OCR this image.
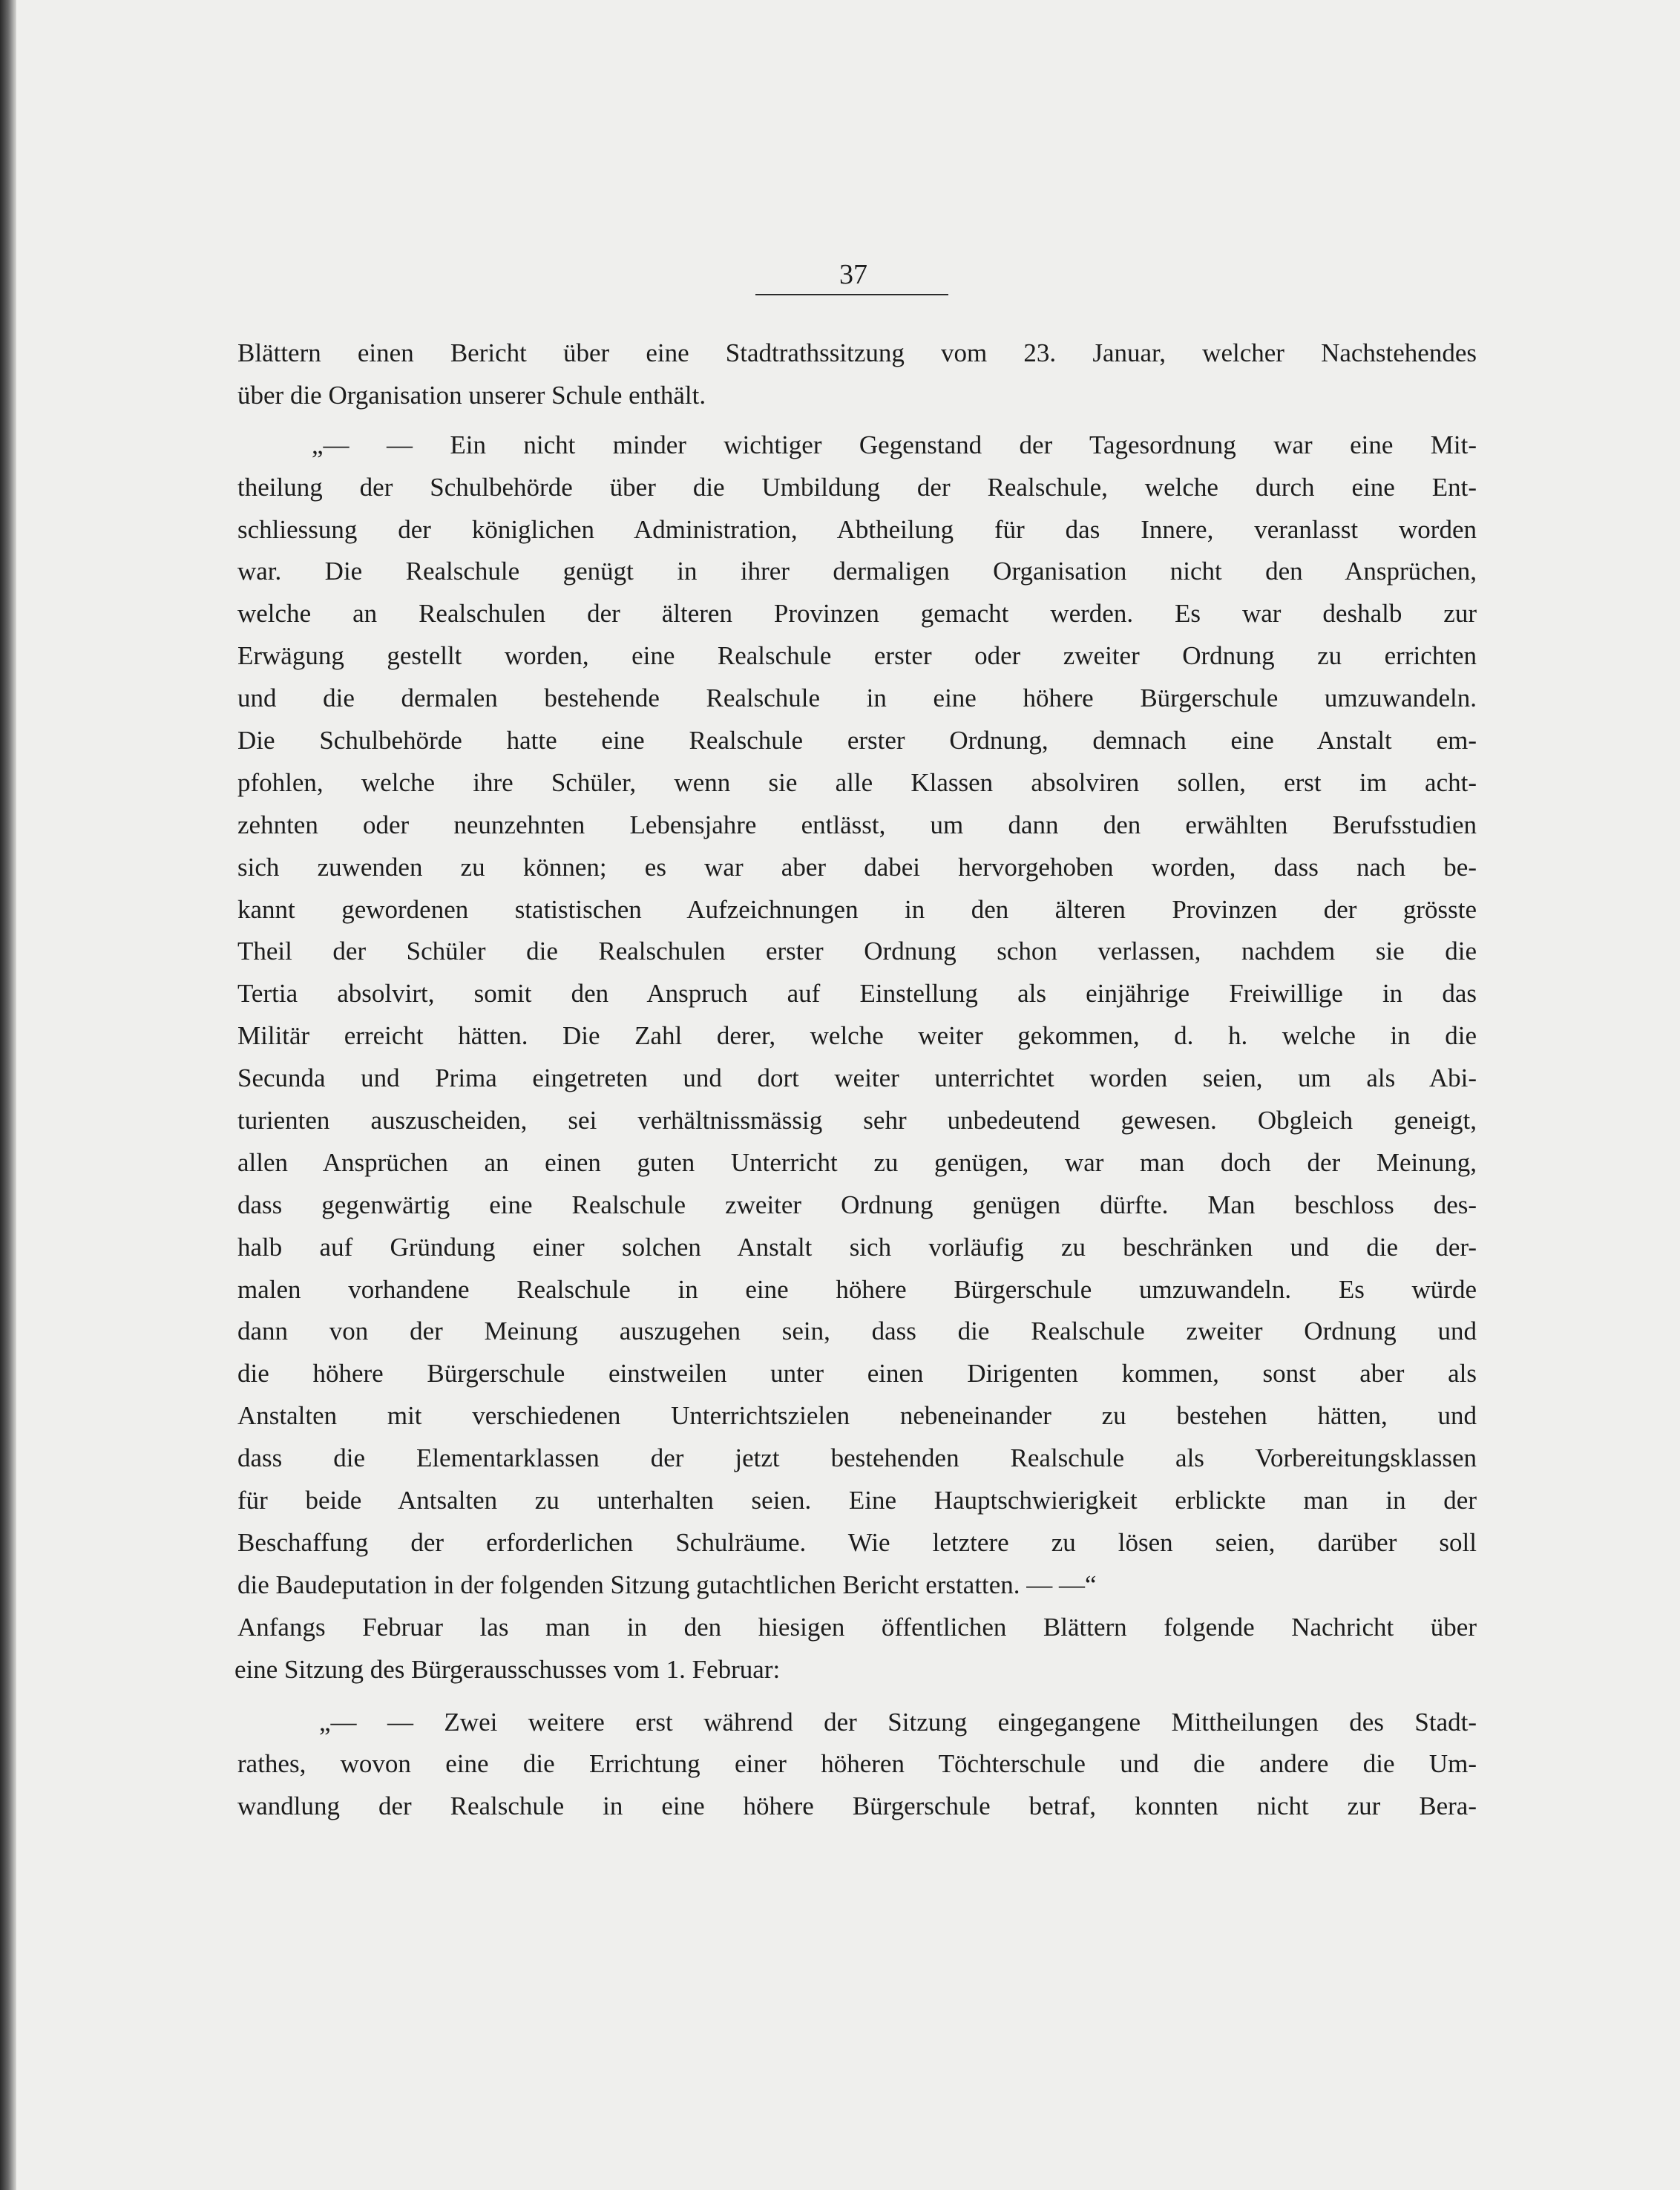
37
Blättern einen Bericht über eine Stadtrathssitzung vom 23. Januar, welcher Nachstehendes
über die Organisation unserer Schule enthält.
„— — Ein nicht minder wichtiger Gegenstand der Tagesordnung war eine Mit-
theilung der Schulbehörde über die Umbildung der Realschule, welche durch eine Ent-
schliessung der königlichen Administration, Abtheilung für das Innere, veranlasst worden
war. Die Realschule genügt in ihrer dermaligen Organisation nicht den Ansprüchen,
welche an Realschulen der älteren Provinzen gemacht werden. Es war deshalb zur
Erwägung gestellt worden, eine Realschule erster oder zweiter Ordnung zu errichten
und die dermalen bestehende Realschule in eine höhere Bürgerschule umzuwandeln.
Die Schulbehörde hatte eine Realschule erster Ordnung, demnach eine Anstalt em-
pfohlen, welche ihre Schüler, wenn sie alle Klassen absolviren sollen, erst im acht-
zehnten oder neunzehnten Lebensjahre entlässt, um dann den erwählten Berufsstudien
sich zuwenden zu können; es war aber dabei hervorgehoben worden, dass nach be-
kannt gewordenen statistischen Aufzeichnungen in den älteren Provinzen der grösste
Theil der Schüler die Realschulen erster Ordnung schon verlassen, nachdem sie die
Tertia absolvirt, somit den Anspruch auf Einstellung als einjährige Freiwillige in das
Militär erreicht hätten. Die Zahl derer, welche weiter gekommen, d. h. welche in die
Secunda und Prima eingetreten und dort weiter unterrichtet worden seien, um als Abi-
turienten auszuscheiden, sei verhältnissmässig sehr unbedeutend gewesen. Obgleich geneigt,
allen Ansprüchen an einen guten Unterricht zu genügen, war man doch der Meinung,
dass gegenwärtig eine Realschule zweiter Ordnung genügen dürfte. Man beschloss des-
halb auf Gründung einer solchen Anstalt sich vorläufig zu beschränken und die der-
malen vorhandene Realschule in eine höhere Bürgerschule umzuwandeln. Es würde
dann von der Meinung auszugehen sein, dass die Realschule zweiter Ordnung und
die höhere Bürgerschule einstweilen unter einen Dirigenten kommen, sonst aber als
Anstalten mit verschiedenen Unterrichtszielen nebeneinander zu bestehen hätten, und
dass die Elementarklassen der jetzt bestehenden Realschule als Vorbereitungsklassen
für beide Antsalten zu unterhalten seien. Eine Hauptschwierigkeit erblickte man in der
Beschaffung der erforderlichen Schulräume. Wie letztere zu lösen seien, darüber soll
die Baudeputation in der folgenden Sitzung gutachtlichen Bericht erstatten. — —“
Anfangs Februar las man in den hiesigen öffentlichen Blättern folgende Nachricht über
eine Sitzung des Bürgerausschusses vom 1. Februar:
„— — Zwei weitere erst während der Sitzung eingegangene Mittheilungen des Stadt-
rathes, wovon eine die Errichtung einer höheren Töchterschule und die andere die Um-
wandlung der Realschule in eine höhere Bürgerschule betraf, konnten nicht zur Bera-
